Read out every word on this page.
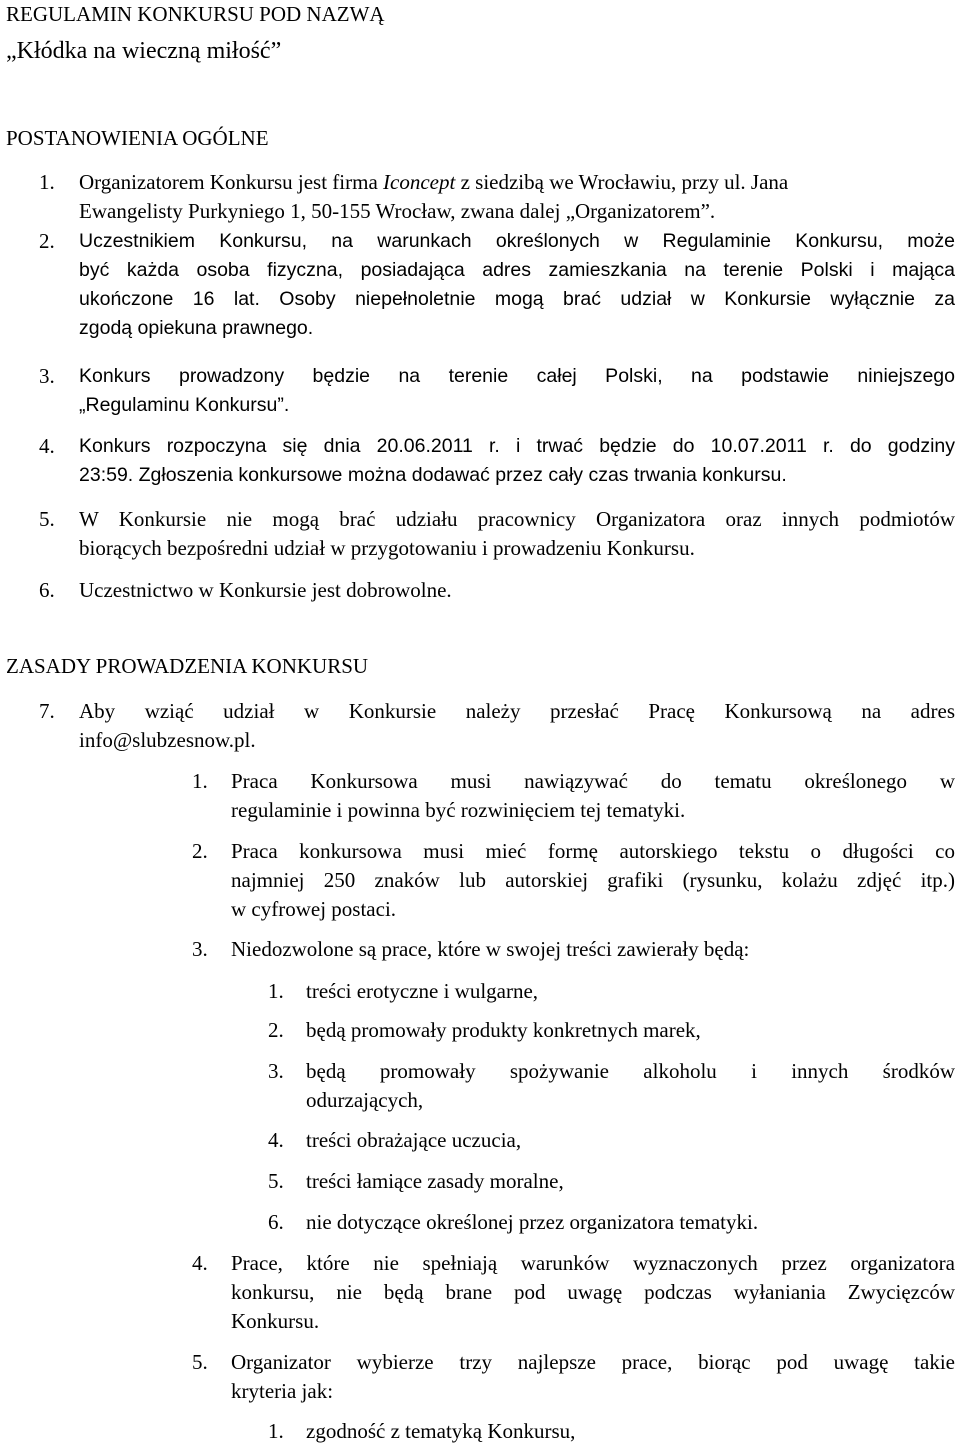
REGULAMIN KONKURSU POD NAZWĄ
„Kłódka na wieczną miłość”
POSTANOWIENIA OGÓLNE
1. Organizatorem Konkursu jest firma Iconcept z siedzibą we Wrocławiu, przy ul. Jana
Ewangelisty Purkyniego 1, 50-155 Wrocław, zwana dalej „Organizatorem”.
2. Uczestnikiem Konkursu, na warunkach określonych w Regulaminie Konkursu, może
być każda osoba fizyczna, posiadająca adres zamieszkania na terenie Polski i mająca
ukończone 16 lat. Osoby niepełnoletnie mogą brać udział w Konkursie wyłącznie za
zgodą opiekuna prawnego.
3. Konkurs prowadzony będzie na terenie całej Polski, na podstawie niniejszego
„Regulaminu Konkursu”.
4. Konkurs rozpoczyna się dnia 20.06.2011 r. i trwać będzie do 10.07.2011 r. do godziny
23:59. Zgłoszenia konkursowe można dodawać przez cały czas trwania konkursu.
5. W Konkursie nie mogą brać udziału pracownicy Organizatora oraz innych podmiotów
biorących bezpośredni udział w przygotowaniu i prowadzeniu Konkursu.
6. Uczestnictwo w Konkursie jest dobrowolne.
ZASADY PROWADZENIA KONKURSU
7. Aby wziąć udział w Konkursie należy przesłać Pracę Konkursową na adres
info@slubzesnow.pl.
1. Praca Konkursowa musi nawiązywać do tematu określonego w
regulaminie i powinna być rozwinięciem tej tematyki.
2. Praca konkursowa musi mieć formę autorskiego tekstu o długości co
najmniej 250 znaków lub autorskiej grafiki (rysunku, kolażu zdjęć itp.)
w cyfrowej postaci.
3. Niedozwolone są prace, które w swojej treści zawierały będą:
1. treści erotyczne i wulgarne,
2. będą promowały produkty konkretnych marek,
3. będą promowały spożywanie alkoholu i innych środków
odurzających,
4. treści obrażające uczucia,
5. treści łamiące zasady moralne,
6. nie dotyczące określonej przez organizatora tematyki.
4. Prace, które nie spełniają warunków wyznaczonych przez organizatora
konkursu, nie będą brane pod uwagę podczas wyłaniania Zwycięzców
Konkursu.
5. Organizator wybierze trzy najlepsze prace, biorąc pod uwagę takie
kryteria jak:
1. zgodność z tematyką Konkursu,
